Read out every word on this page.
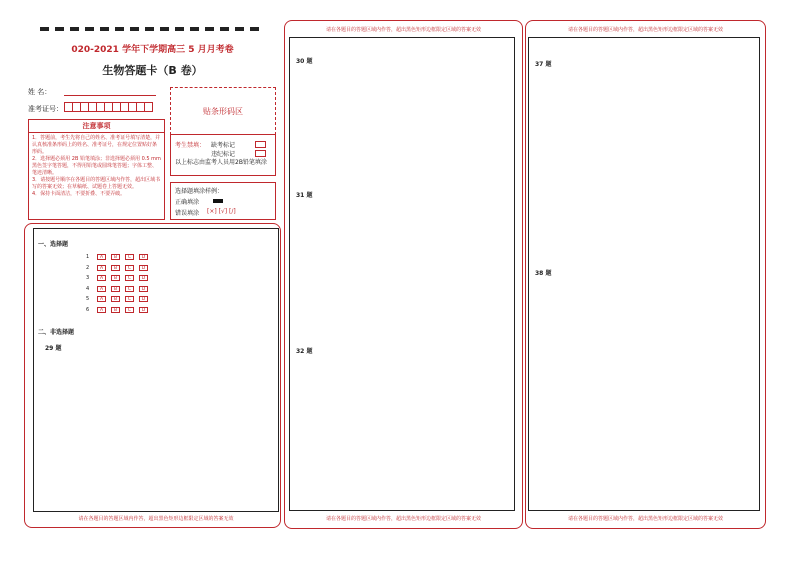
020-2021 学年下学期高三 5 月月考卷
生物答题卡（B 卷）
姓 名：
准考证号：
注意事项
1．答题前，考生先将自己的姓名、准考证号填写清楚，并认真核准条形码上的姓名、准考证号，在规定位置贴好条形码。
2．选择题必须用 2B 铅笔填涂；非选择题必须用 0.5 mm 黑色签字笔答题，不得用铅笔或圆珠笔答题；字体工整、笔迹清晰。
3．请按题号顺序在各题目的答题区域内作答，超出区域书写的答案无效；在草稿纸、试题卷上答题无效。
4．保持卡面清洁，不要折叠、不要弄破。
贴条形码区
考生禁填： 缺考标记
违纪标记
以上标志由监考人员用2B铅笔填涂
选择题填涂样例：
正确填涂
错误填涂 [×] [√] [/]
一、选择题
1	A	B	C	D
2	A	B	C	D
3	A	B	C	D
4	A	B	C	D
5	A	B	C	D
6	A	B	C	D
二、非选择题
29 题
请在各题目的答题区域内作答，超出黑色矩形边框限定区域的答案无效
请在各题目的答题区域内作答，超出黑色矩形边框限定区域的答案无效
30 题
31 题
32 题
请在各题目的答题区域内作答，超出黑色矩形边框限定区域的答案无效
请在各题目的答题区域内作答，超出黑色矩形边框限定区域的答案无效
37 题
38 题
请在各题目的答题区域内作答，超出黑色矩形边框限定区域的答案无效
